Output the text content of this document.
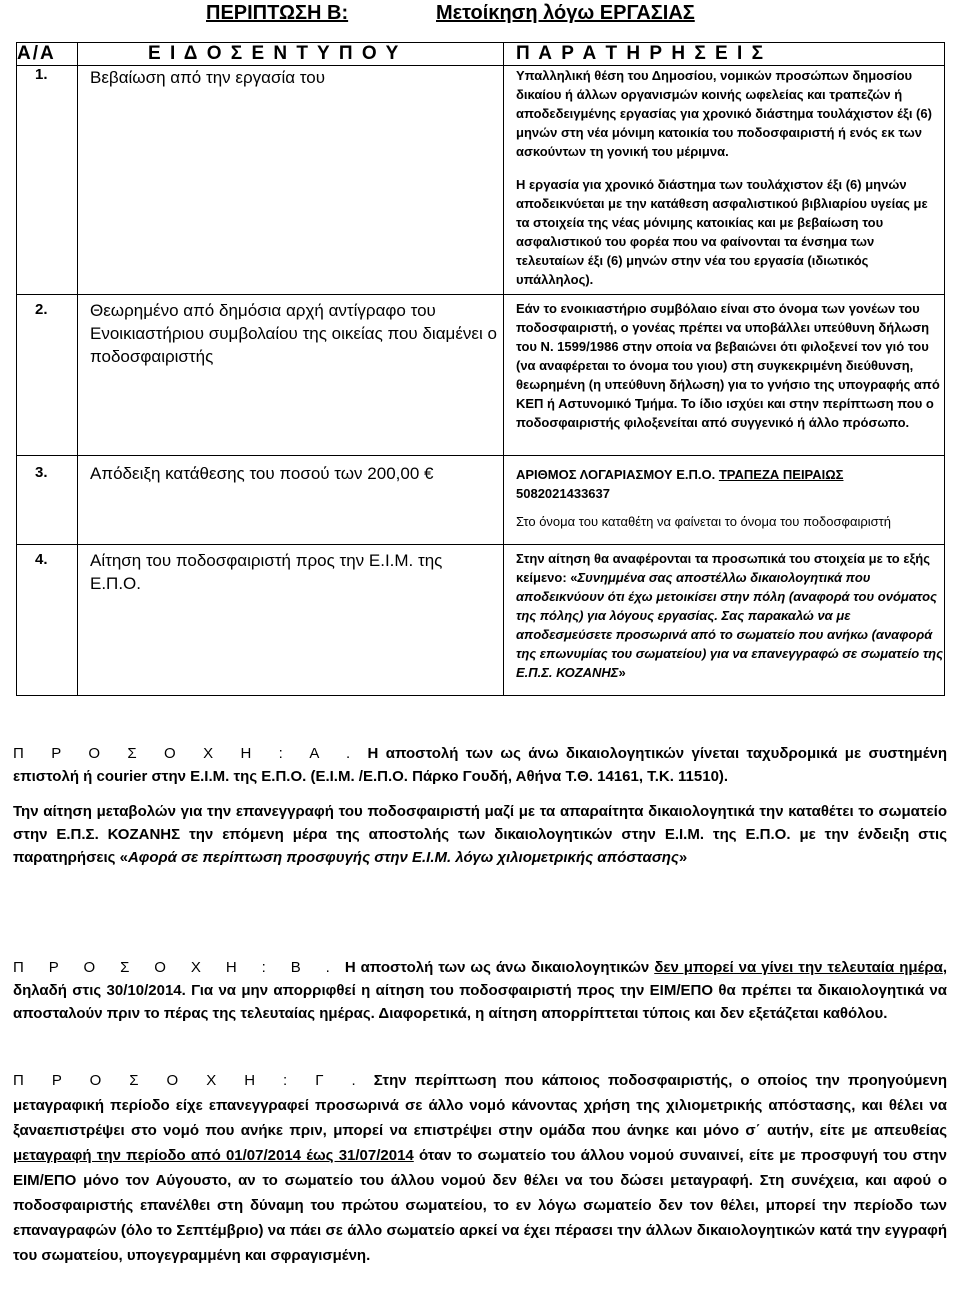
ΠΕΡΙΠΤΩΣΗ Β:	Μετοίκηση λόγω ΕΡΓΑΣΙΑΣ
Α/Α	Ε Ι Δ Ο Σ Ε Ν Τ Υ Π Ο Υ	Π Α Ρ Α Τ Η Ρ Η Σ Ε Ι Σ

1.	Βεβαίωση από την εργασία του	Υπαλληλική θέση του Δημοσίου, νομικών προσώπων δημοσίου δικαίου ή άλλων οργανισμών κοινής ωφελείας και τραπεζών ή αποδεδειγμένης εργασίας για χρονικό διάστημα τουλάχιστον έξι (6) μηνών στη νέα μόνιμη κατοικία του ποδοσφαιριστή ή ενός εκ των ασκούντων τη γονική του μέριμνα.

Η εργασία για χρονικό διάστημα των τουλάχιστον έξι (6) μηνών αποδεικνύεται με την κατάθεση ασφαλιστικού βιβλιαρίου υγείας με τα στοιχεία της νέας μόνιμης κατοικίας και με βεβαίωση του ασφαλιστικού του φορέα που να φαίνονται τα ένσημα των τελευταίων έξι (6) μηνών στην νέα του εργασία (ιδιωτικός υπάλληλος).

2.	Θεωρημένο από δημόσια αρχή αντίγραφο του Ενοικιαστήριου συμβολαίου της οικείας που διαμένει ο ποδοσφαιριστής	Εάν το ενοικιαστήριο συμβόλαιο είναι στο όνομα των γονέων του ποδοσφαιριστή, ο γονέας πρέπει να υποβάλλει υπεύθυνη δήλωση του Ν. 1599/1986 στην οποία να βεβαιώνει ότι φιλοξενεί τον γιό του (να αναφέρεται το όνομα του γιου) στη συγκεκριμένη διεύθυνση, θεωρημένη (η υπεύθυνη δήλωση) για το γνήσιο της υπογραφής από ΚΕΠ ή Αστυνομικό Τμήμα. Το ίδιο ισχύει και στην περίπτωση που ο ποδοσφαιριστής φιλοξενείται από συγγενικό ή άλλο πρόσωπο.

3.	Απόδειξη κατάθεσης του ποσού των 200,00 €	ΑΡΙΘΜΟΣ ΛΟΓΑΡΙΑΣΜΟΥ Ε.Π.Ο. ΤΡΑΠΕΖΑ ΠΕΙΡΑΙΩΣ

5082021433637

Στο όνομα του καταθέτη να φαίνεται το όνομα του ποδοσφαιριστή

4.	Αίτηση του ποδοσφαιριστή προς την Ε.Ι.Μ. της Ε.Π.Ο.	Στην αίτηση θα αναφέρονται τα προσωπικά του στοιχεία με το εξής κείμενο: «Συνημμένα σας αποστέλλω δικαιολογητικά που αποδεικνύουν ότι έχω μετοικίσει στην πόλη (αναφορά του ονόματος της πόλης) για λόγους εργασίας. Σας παρακαλώ να με αποδεσμεύσετε προσωρινά από το σωματείο που ανήκω (αναφορά της επωνυμίας του σωματείου) για να επανεγγραφώ σε σωματείο της Ε.Π.Σ. ΚΟΖΑΝΗΣ»

Π Ρ Ο Σ Ο Χ Η : Α . Η αποστολή των ως άνω δικαιολογητικών γίνεται ταχυδρομικά με συστημένη επιστολή ή courier στην Ε.Ι.Μ. της Ε.Π.Ο. (Ε.Ι.Μ. /Ε.Π.Ο. Πάρκο Γουδή, Αθήνα Τ.Θ. 14161, Τ.Κ. 11510).

Την αίτηση μεταβολών για την επανεγγραφή του ποδοσφαιριστή μαζί με τα απαραίτητα δικαιολογητικά την καταθέτει το σωματείο στην Ε.Π.Σ. ΚΟΖΑΝΗΣ την επόμενη μέρα της αποστολής των δικαιολογητικών στην Ε.Ι.Μ. της Ε.Π.Ο. με την ένδειξη στις παρατηρήσεις «Αφορά σε περίπτωση προσφυγής στην Ε.Ι.Μ. λόγω χιλιομετρικής απόστασης»

Π Ρ Ο Σ Ο Χ Η : Β . Η αποστολή των ως άνω δικαιολογητικών δεν μπορεί να γίνει την τελευταία ημέρα, δηλαδή στις 30/10/2014. Για να μην απορριφθεί η αίτηση του ποδοσφαιριστή προς την ΕΙΜ/ΕΠΟ θα πρέπει τα δικαιολογητικά να αποσταλούν πριν το πέρας της τελευταίας ημέρας. Διαφορετικά, η αίτηση απορρίπτεται τύποις και δεν εξετάζεται καθόλου.

Π Ρ Ο Σ Ο Χ Η : Γ . Στην περίπτωση που κάποιος ποδοσφαιριστής, ο οποίος την προηγούμενη μεταγραφική περίοδο είχε επανεγγραφεί προσωρινά σε άλλο νομό κάνοντας χρήση της χιλιομετρικής απόστασης, και θέλει να ξαναεπιστρέψει στο νομό που ανήκε πριν, μπορεί να επιστρέψει στην ομάδα που άνηκε και μόνο σ΄ αυτήν, είτε με απευθείας μεταγραφή την περίοδο από 01/07/2014 έως 31/07/2014 όταν το σωματείο του άλλου νομού συναινεί, είτε με προσφυγή του στην ΕΙΜ/ΕΠΟ μόνο τον Αύγουστο, αν το σωματείο του άλλου νομού δεν θέλει να του δώσει μεταγραφή. Στη συνέχεια, και αφού ο ποδοσφαιριστής επανέλθει στη δύναμη του πρώτου σωματείου, το εν λόγω σωματείο δεν τον θέλει, μπορεί την περίοδο των επαναγραφών (όλο το Σεπτέμβριο) να πάει σε άλλο σωματείο αρκεί να έχει πέρασει την άλλων δικαιολογητικών κατά την εγγραφή του σωματείου, υπογεγραμμένη και σφραγισμένη.
